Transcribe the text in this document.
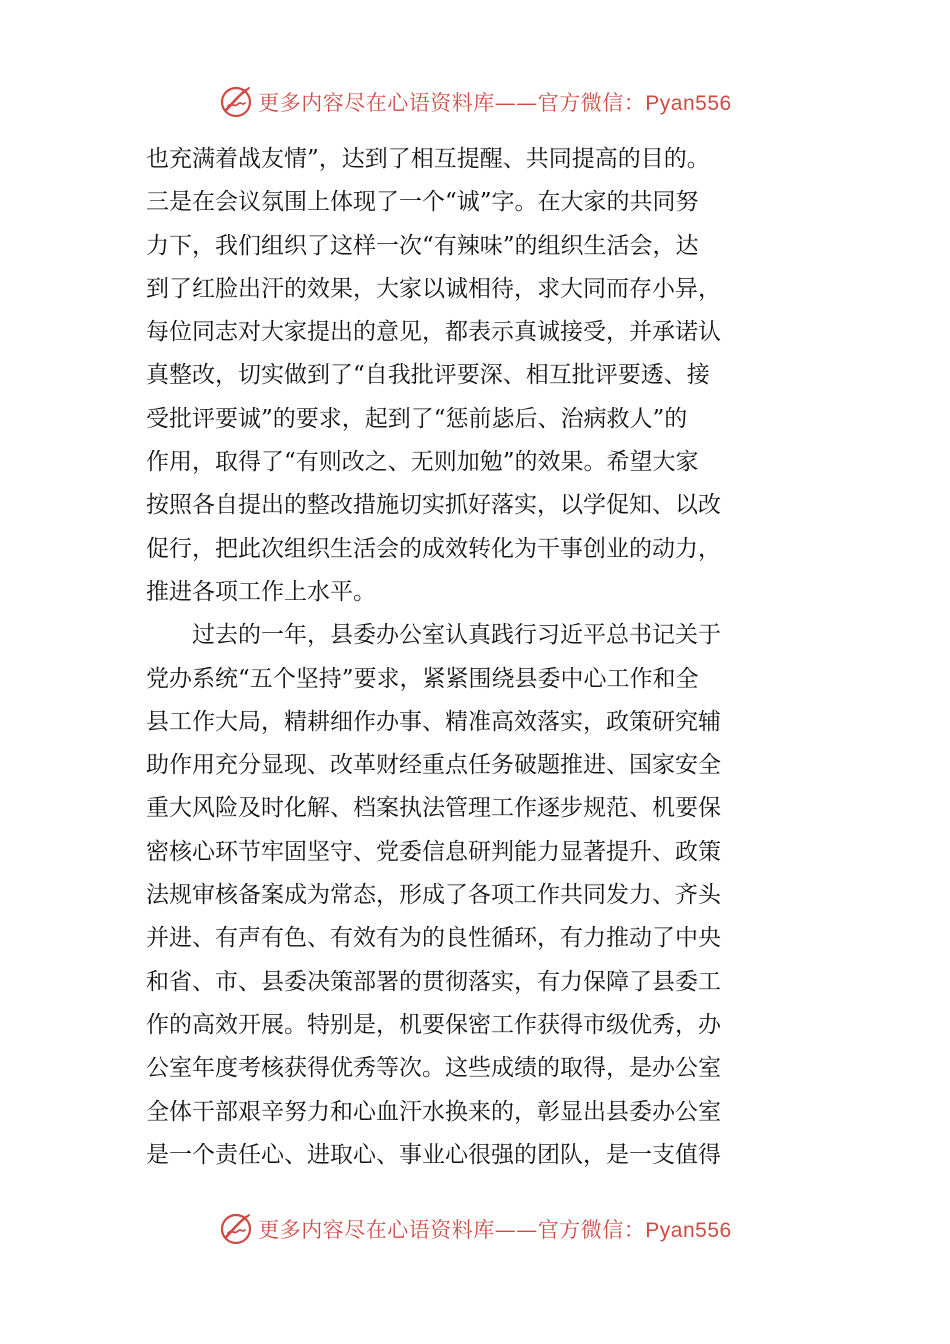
更多内容尽在心语资料库——官方微信：Pyan556
也充满着战友情”，达到了相互提醒、共同提高的目的。
三是在会议氛围上体现了一个“诚”字。在大家的共同努
力下，我们组织了这样一次“有辣味”的组织生活会，达
到了红脸出汗的效果，大家以诚相待，求大同而存小异，
每位同志对大家提出的意见，都表示真诚接受，并承诺认
真整改，切实做到了“自我批评要深、相互批评要透、接
受批评要诚”的要求，起到了“惩前毖后、治病救人”的
作用，取得了“有则改之、无则加勉”的效果。希望大家
按照各自提出的整改措施切实抓好落实，以学促知、以改
促行，把此次组织生活会的成效转化为干事创业的动力，
推进各项工作上水平。
过去的一年，县委办公室认真践行习近平总书记关于
党办系统“五个坚持”要求，紧紧围绕县委中心工作和全
县工作大局，精耕细作办事、精准高效落实，政策研究辅
助作用充分显现、改革财经重点任务破题推进、国家安全
重大风险及时化解、档案执法管理工作逐步规范、机要保
密核心环节牢固坚守、党委信息研判能力显著提升、政策
法规审核备案成为常态，形成了各项工作共同发力、齐头
并进、有声有色、有效有为的良性循环，有力推动了中央
和省、市、县委决策部署的贯彻落实，有力保障了县委工
作的高效开展。特别是，机要保密工作获得市级优秀，办
公室年度考核获得优秀等次。这些成绩的取得，是办公室
全体干部艰辛努力和心血汗水换来的，彰显出县委办公室
是一个责任心、进取心、事业心很强的团队，是一支值得
更多内容尽在心语资料库——官方微信：Pyan556
